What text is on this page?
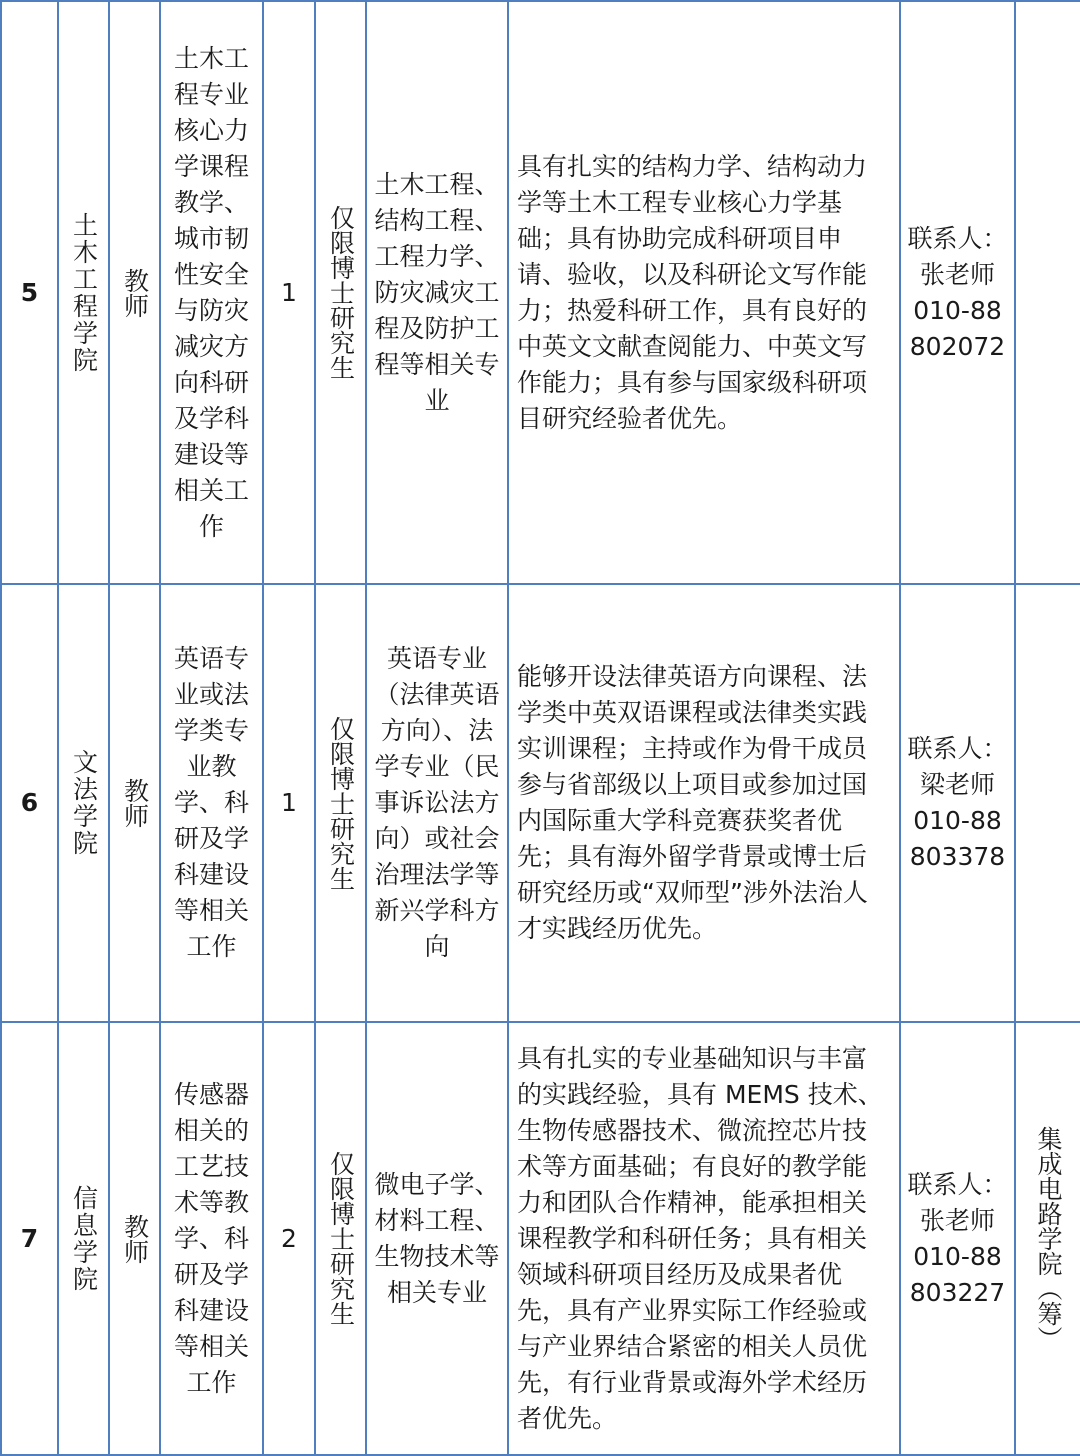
5	土木工程学院	教师	土木工程专业核心力学课程教学、城市韧性安全与防灾减灾方向科研及学科建设等相关工作	1	仅限博士研究生	土木工程、结构工程、工程力学、防灾减灾工程及防护工程等相关专业	具有扎实的结构力学、结构动力学等土木工程专业核心力学基础；具有协助完成科研项目申请、验收，以及科研论文写作能力；热爱科研工作，具有良好的中英文文献查阅能力、中英文写作能力；具有参与国家级科研项目研究经验者优先。	联系人：
张老师
010-88
802072	

6	文法学院	教师	英语专业或法学类专业教学、科研及学科建设等相关工作	1	仅限博士研究生	英语专业（法律英语方向）、法学专业（民事诉讼法方向）或社会治理法学等新兴学科方向	能够开设法律英语方向课程、法学类中英双语课程或法律类实践实训课程；主持或作为骨干成员参与省部级以上项目或参加过国内国际重大学科竞赛获奖者优先；具有海外留学背景或博士后研究经历或“双师型”涉外法治人才实践经历优先。	联系人：
梁老师
010-88
803378	

7	信息学院	教师	传感器相关的工艺技术等教学、科研及学科建设等相关工作	2	仅限博士研究生	微电子学、材料工程、生物技术等相关专业	具有扎实的专业基础知识与丰富的实践经验，具有 MEMS 技术、生物传感器技术、微流控芯片技术等方面基础；有良好的教学能力和团队合作精神，能承担相关课程教学和科研任务；具有相关领域科研项目经历及成果者优先，具有产业界实际工作经验或与产业界结合紧密的相关人员优先，有行业背景或海外学术经历者优先。	联系人：
张老师
010-88
803227	集成电路学院（筹）
